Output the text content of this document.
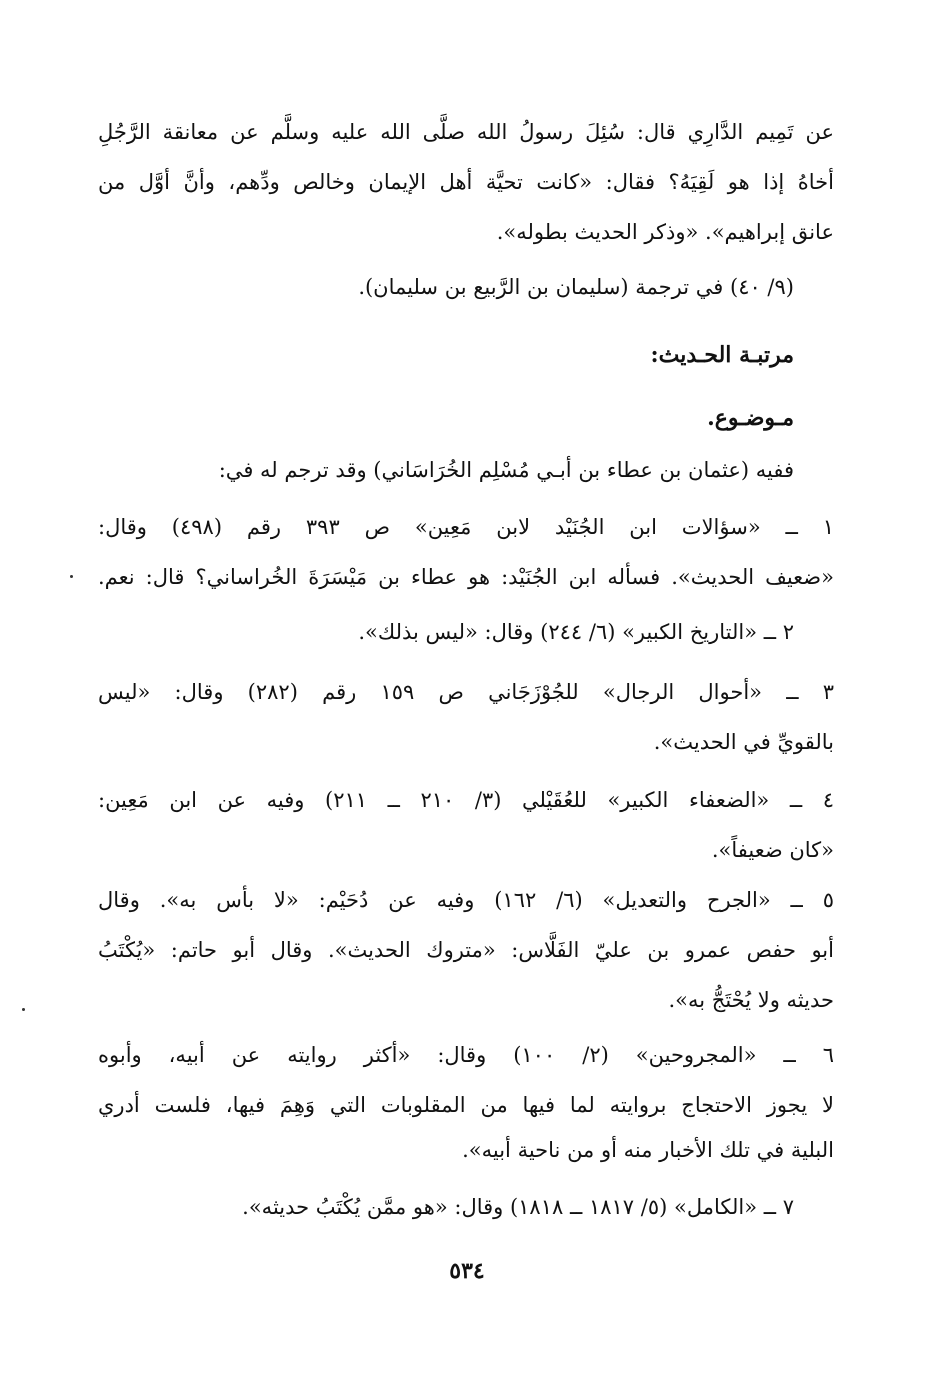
عن تَمِيم الدَّارِي قال: سُئِلَ رسولُ الله صلَّى الله عليه وسلَّم عن معانقة الرَّجُلِ
أخاهُ إذا هو لَقِيَهُ؟ فقال: «كانت تحيَّة أهل الإيمان وخالص ودِّهم، وأنَّ أوَّل من
عانق إبراهيم». «وذكر الحديث بطوله».
(٩/ ٤٠) في ترجمة (سليمان بن الرَّبيع بن سليمان).
مرتبـة الحـديث:
مـوضـوع.
ففيه (عثمان بن عطاء بن أبـي مُسْلِم الخُرَاسَاني) وقد ترجم له في:
١ ــ «سؤالات ابن الجُنَيْد لابن مَعِين» ص ٣٩٣ رقم (٤٩٨) وقال:
«ضعيف الحديث». فسأله ابن الجُنَيْد: هو عطاء بن مَيْسَرَةَ الخُراساني؟ قال: نعم.
٢ ــ «التاريخ الكبير» (٦/ ٢٤٤) وقال: «ليس بذلك».
٣ ــ «أحوال الرجال» للجُوْزَجَاني ص ١٥٩ رقم (٢٨٢) وقال: «ليس
بالقويِّ في الحديث».
٤ ــ «الضعفاء الكبير» للعُقَيْلي (٣/ ٢١٠ ــ ٢١١) وفيه عن ابن مَعِين:
«كان ضعيفاً».
٥ ــ «الجرح والتعديل» (٦/ ١٦٢) وفيه عن دُحَيْم: «لا بأس به». وقال
أبو حفص عمرو بن عليّ الفَلَّاس: «متروك الحديث». وقال أبو حاتم: «يُكْتَبُ
حديثه ولا يُحْتَجُّ به».
٦ ــ «المجروحين» (٢/ ١٠٠) وقال: «أكثر روايته عن أبيه، وأبوه
لا يجوز الاحتجاج بروايته لما فيها من المقلوبات التي وَهِمَ فيها، فلست أدري
البلية في تلك الأخبار منه أو من ناحية أبيه».
٧ ــ «الكامل» (٥/ ١٨١٧ ــ ١٨١٨) وقال: «هو ممَّن يُكْتَبُ حديثه».
٥٣٤
